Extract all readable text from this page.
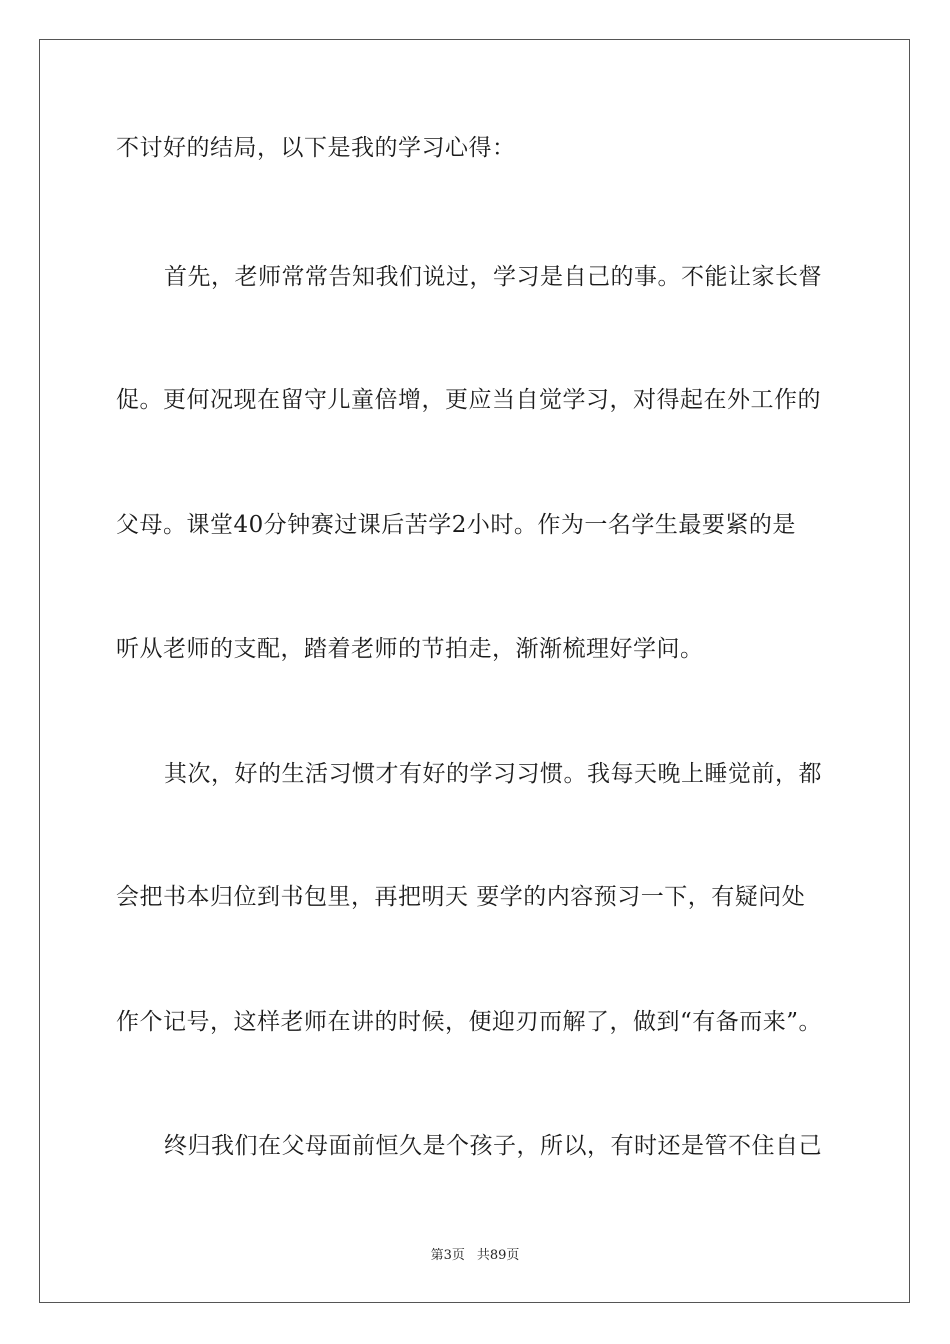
不讨好的结局，以下是我的学习心得：
首先，老师常常告知我们说过，学习是自己的事。不能让家长督
促。更何况现在留守儿童倍增，更应当自觉学习，对得起在外工作的
父母。课堂40分钟赛过课后苦学2小时。作为一名学生最要紧的是
听从老师的支配，踏着老师的节拍走，渐渐梳理好学问。
其次，好的生活习惯才有好的学习习惯。我每天晚上睡觉前，都
会把书本归位到书包里，再把明天 要学的内容预习一下，有疑问处
作个记号，这样老师在讲的时候，便迎刃而解了，做到“有备而来”。
终归我们在父母面前恒久是个孩子，所以，有时还是管不住自己
第3页 共89页
